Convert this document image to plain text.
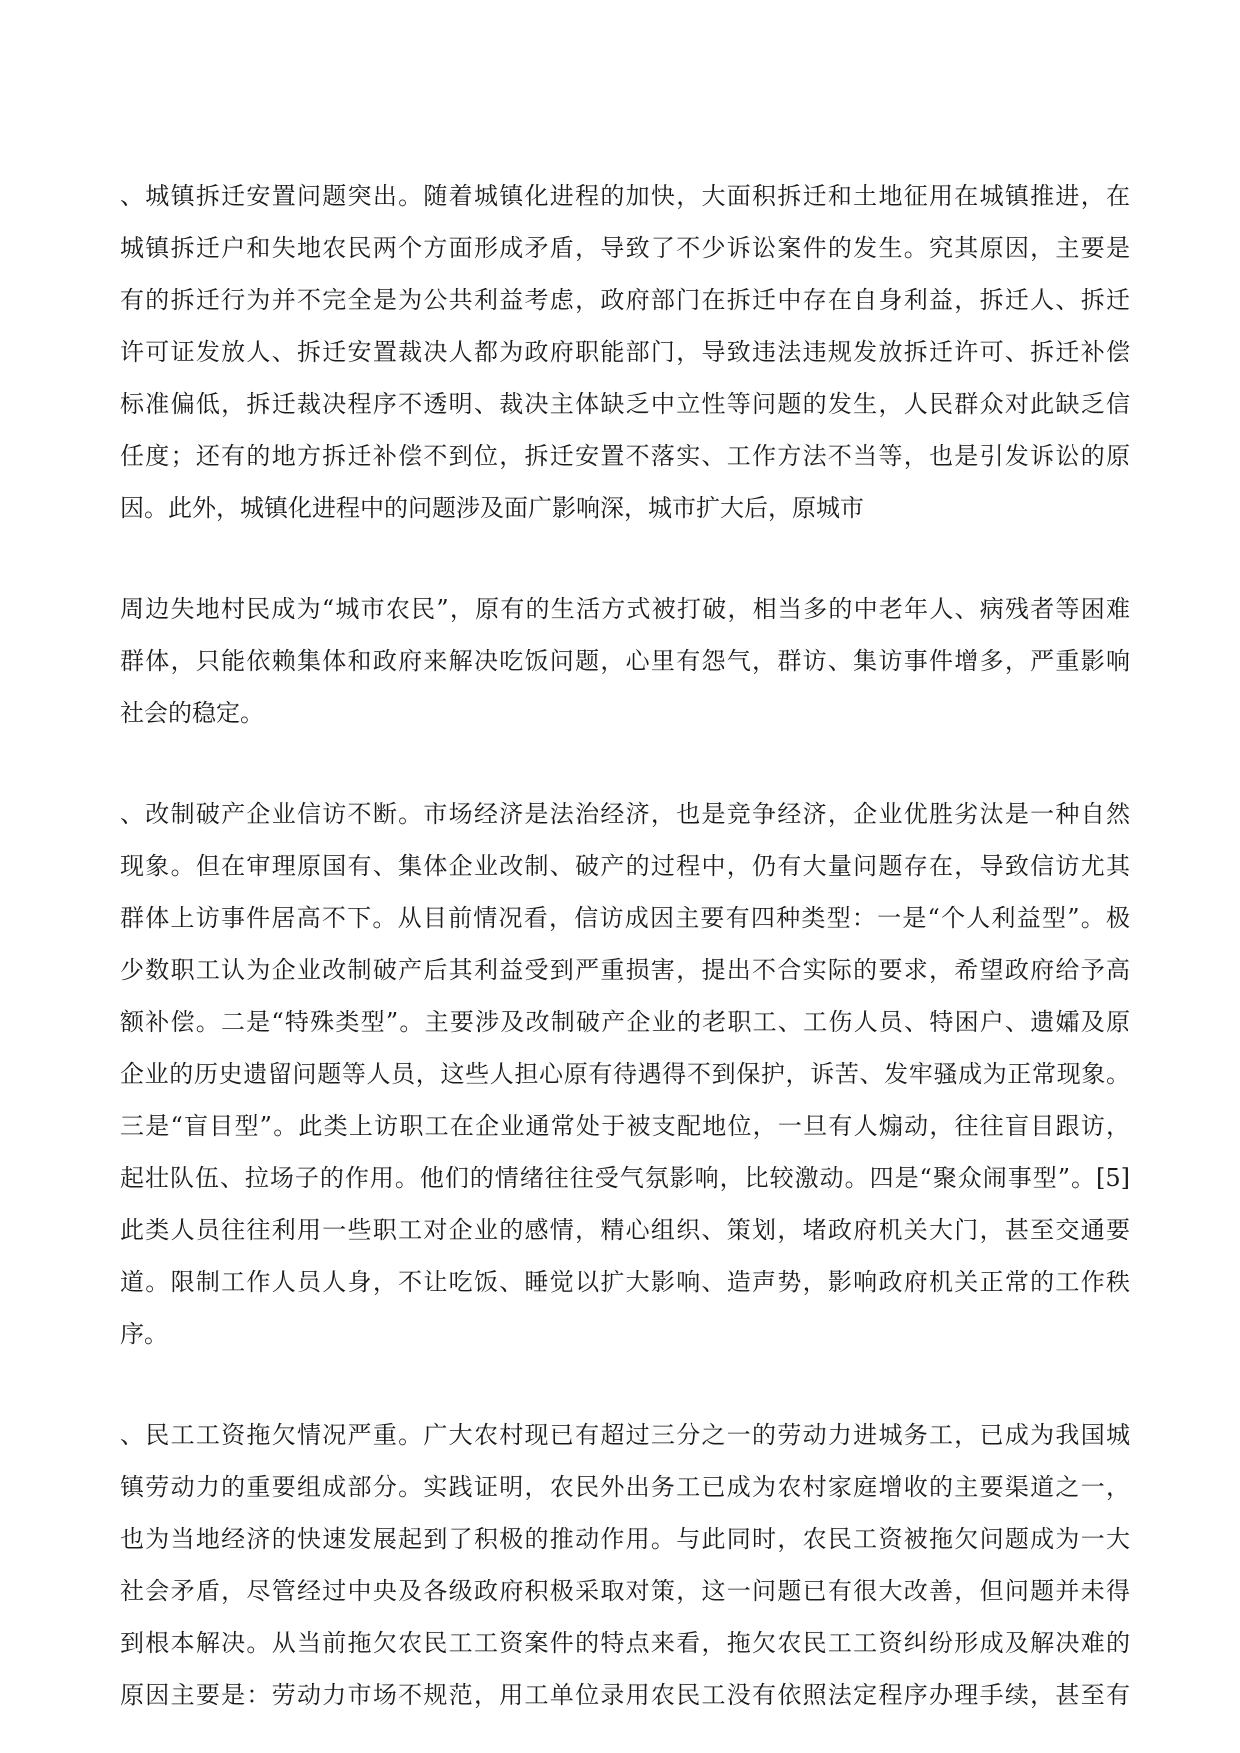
、城镇拆迁安置问题突出。随着城镇化进程的加快，大面积拆迁和土地征用在城镇推进，在

城镇拆迁户和失地农民两个方面形成矛盾，导致了不少诉讼案件的发生。究其原因，主要是

有的拆迁行为并不完全是为公共利益考虑，政府部门在拆迁中存在自身利益，拆迁人、拆迁

许可证发放人、拆迁安置裁决人都为政府职能部门，导致违法违规发放拆迁许可、拆迁补偿

标准偏低，拆迁裁决程序不透明、裁决主体缺乏中立性等问题的发生，人民群众对此缺乏信

任度；还有的地方拆迁补偿不到位，拆迁安置不落实、工作方法不当等，也是引发诉讼的原

因。此外，城镇化进程中的问题涉及面广影响深，城市扩大后，原城市

周边失地村民成为“城市农民”，原有的生活方式被打破，相当多的中老年人、病残者等困难

群体，只能依赖集体和政府来解决吃饭问题，心里有怨气，群访、集访事件增多，严重影响

社会的稳定。

、改制破产企业信访不断。市场经济是法治经济，也是竞争经济，企业优胜劣汰是一种自然

现象。但在审理原国有、集体企业改制、破产的过程中，仍有大量问题存在，导致信访尤其

群体上访事件居高不下。从目前情况看，信访成因主要有四种类型：一是“个人利益型”。极

少数职工认为企业改制破产后其利益受到严重损害，提出不合实际的要求，希望政府给予高

额补偿。二是“特殊类型”。主要涉及改制破产企业的老职工、工伤人员、特困户、遗孀及原

企业的历史遗留问题等人员，这些人担心原有待遇得不到保护，诉苦、发牢骚成为正常现象。

三是“盲目型”。此类上访职工在企业通常处于被支配地位，一旦有人煽动，往往盲目跟访，

起壮队伍、拉场子的作用。他们的情绪往往受气氛影响，比较激动。四是“聚众闹事型”。[5]

此类人员往往利用一些职工对企业的感情，精心组织、策划，堵政府机关大门，甚至交通要

道。限制工作人员人身，不让吃饭、睡觉以扩大影响、造声势，影响政府机关正常的工作秩

序。

、民工工资拖欠情况严重。广大农村现已有超过三分之一的劳动力进城务工，已成为我国城

镇劳动力的重要组成部分。实践证明，农民外出务工已成为农村家庭增收的主要渠道之一，

也为当地经济的快速发展起到了积极的推动作用。与此同时，农民工资被拖欠问题成为一大

社会矛盾，尽管经过中央及各级政府积极采取对策，这一问题已有很大改善，但问题并未得

到根本解决。从当前拖欠农民工工资案件的特点来看，拖欠农民工工资纠纷形成及解决难的

原因主要是：劳动力市场不规范，用工单位录用农民工没有依照法定程序办理手续，甚至有
